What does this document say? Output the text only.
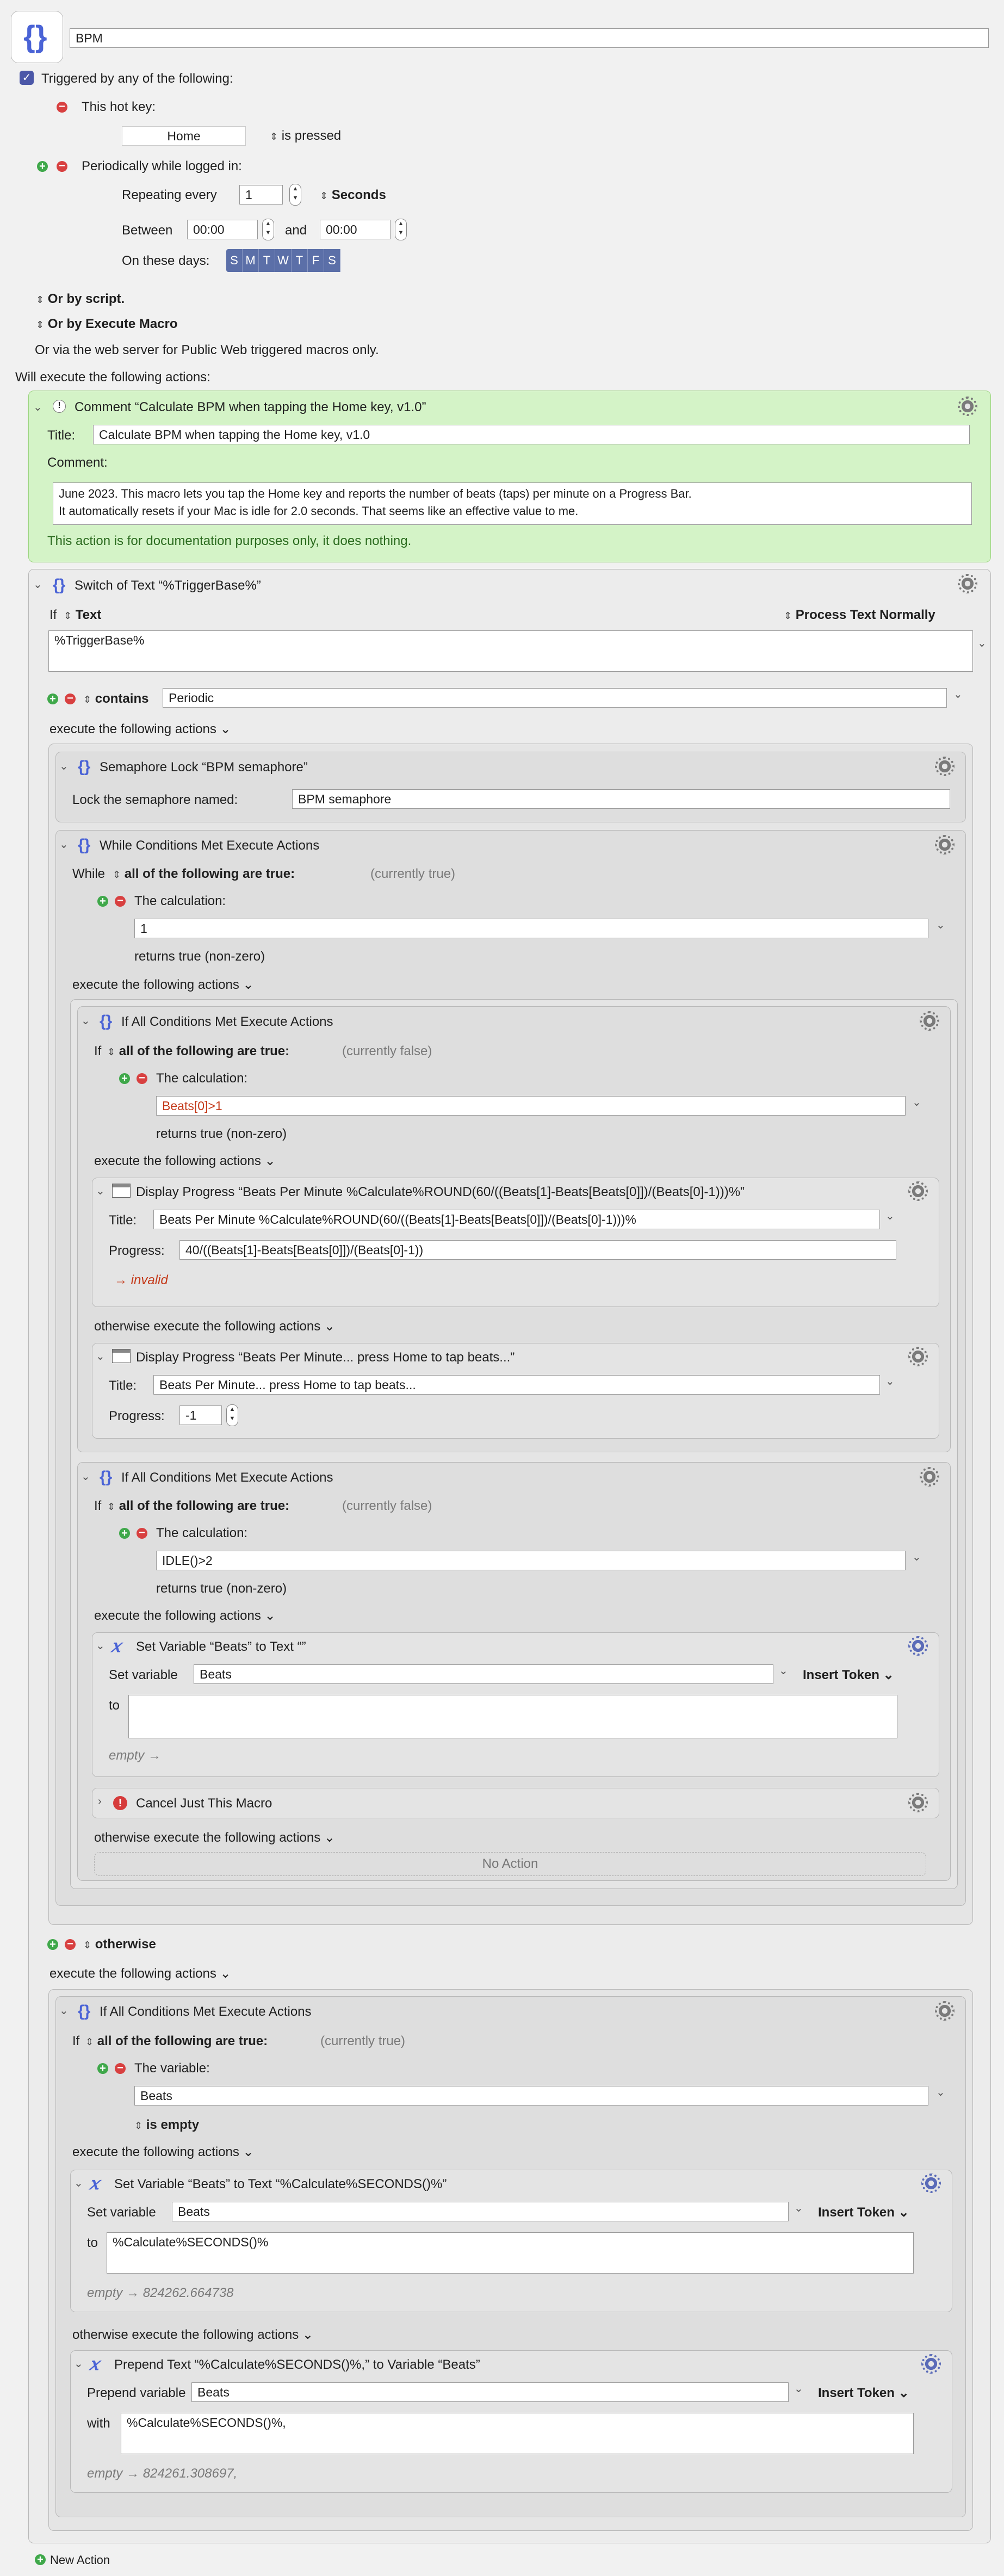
{}	BPM
✓ Triggered by any of the following:
− This hot key:
Home	⇕ is pressed
+ − Periodically while logged in:
Repeating every	1	▲
▼	⇕ Seconds
Between	00:00	▲
▼ and	00:00	▲
▼
On these days:	S M T W T F S
⇕ Or by script.
⇕ Or by Execute Macro
Or via the web server for Public Web triggered macros only.
Will execute the following actions:
⌄	!	Comment “Calculate BPM when tapping the Home key, v1.0”
Title:	Calculate BPM when tapping the Home key, v1.0
Comment:
June 2023. This macro lets you tap the Home key and reports the number of beats (taps) per minute on a Progress Bar.
It automatically resets if your Mac is idle for 2.0 seconds. That seems like an effective value to me.
This action is for documentation purposes only, it does nothing.
⌄ {} Switch of Text “%TriggerBase%”
If ⇕ Text	⇕ Process Text Normally
%TriggerBase%	⌄
+ − ⇕ contains	Periodic	⌄
execute the following actions ⌄
⌄ {} Semaphore Lock “BPM semaphore”
Lock the semaphore named:	BPM semaphore
⌄ {} While Conditions Met Execute Actions
While ⇕ all of the following are true:	(currently true)
+ − The calculation:
1	⌄
returns true (non-zero)
execute the following actions ⌄
⌄ {} If All Conditions Met Execute Actions
If ⇕ all of the following are true:	(currently false)
+ − The calculation:
Beats[0]>1	⌄
returns true (non-zero)
execute the following actions ⌄
⌄ Display Progress “Beats Per Minute %Calculate%ROUND(60/((Beats[1]-Beats[Beats[0]])/(Beats[0]-1)))%”
Title:	Beats Per Minute %Calculate%ROUND(60/((Beats[1]-Beats[Beats[0]])/(Beats[0]-1)))%	⌄
Progress:	40/((Beats[1]-Beats[Beats[0]])/(Beats[0]-1))
→ invalid
otherwise execute the following actions ⌄
⌄ Display Progress “Beats Per Minute... press Home to tap beats...”
Title:	Beats Per Minute... press Home to tap beats...	⌄
Progress:	-1	▲
▼
⌄ {} If All Conditions Met Execute Actions
If ⇕ all of the following are true:	(currently false)
+ − The calculation:
IDLE()>2	⌄
returns true (non-zero)
execute the following actions ⌄
⌄ 𝑥 Set Variable “Beats” to Text “”
Set variable	Beats	⌄ Insert Token ⌄
to
empty →
›	!	Cancel Just This Macro
otherwise execute the following actions ⌄
No Action
+ − ⇕ otherwise
execute the following actions ⌄
⌄ {} If All Conditions Met Execute Actions
If ⇕ all of the following are true:	(currently true)
+ − The variable:
Beats	⌄
⇕ is empty
execute the following actions ⌄
⌄ 𝑥 Set Variable “Beats” to Text “%Calculate%SECONDS()%”
Set variable	Beats	⌄ Insert Token ⌄
to	%Calculate%SECONDS()%
empty → 824262.664738
otherwise execute the following actions ⌄
⌄ 𝑥 Prepend Text “%Calculate%SECONDS()%,” to Variable “Beats”
Prepend variable Beats	⌄ Insert Token ⌄
with	%Calculate%SECONDS()%,
empty → 824261.308697,
+ New Action
